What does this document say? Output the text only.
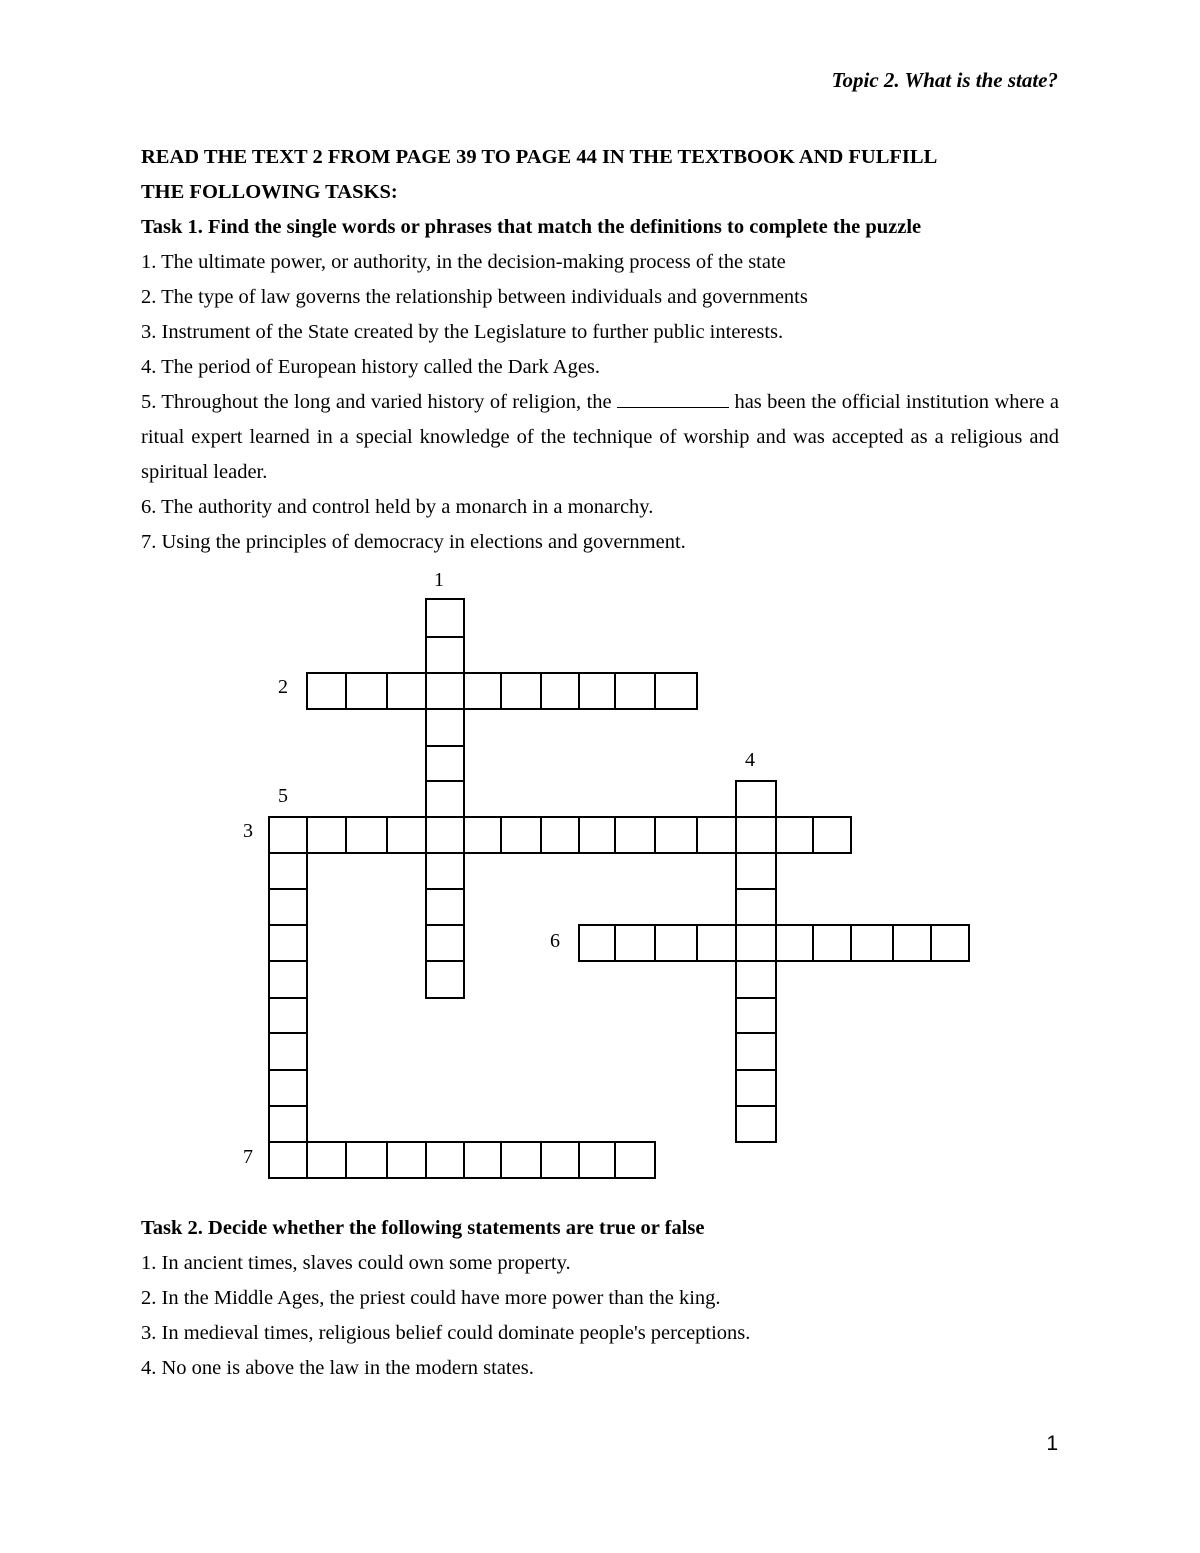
Topic 2. What is the state?

READ THE TEXT 2 FROM PAGE 39 TO PAGE 44 IN THE TEXTBOOK AND FULFILL

THE FOLLOWING TASKS:

Task 1. Find the single words or phrases that match the definitions to complete the puzzle

1. The ultimate power, or authority, in the decision-making process of the state

2. The type of law governs the relationship between individuals and governments

3. Instrument of the State created by the Legislature to further public interests.

4. The period of European history called the Dark Ages.

5. Throughout the long and varied history of religion, the	has been the official institution where a ritual expert learned in a special knowledge of the technique of worship and was accepted as a religious and spiritual leader.

6. The authority and control held by a monarch in a monarchy.

7. Using the principles of democracy in elections and government.

1
2
3
4
5
6
7

Task 2. Decide whether the following statements are true or false

1. In ancient times, slaves could own some property.

2. In the Middle Ages, the priest could have more power than the king.

3. In medieval times, religious belief could dominate people's perceptions.

4. No one is above the law in the modern states.

1
